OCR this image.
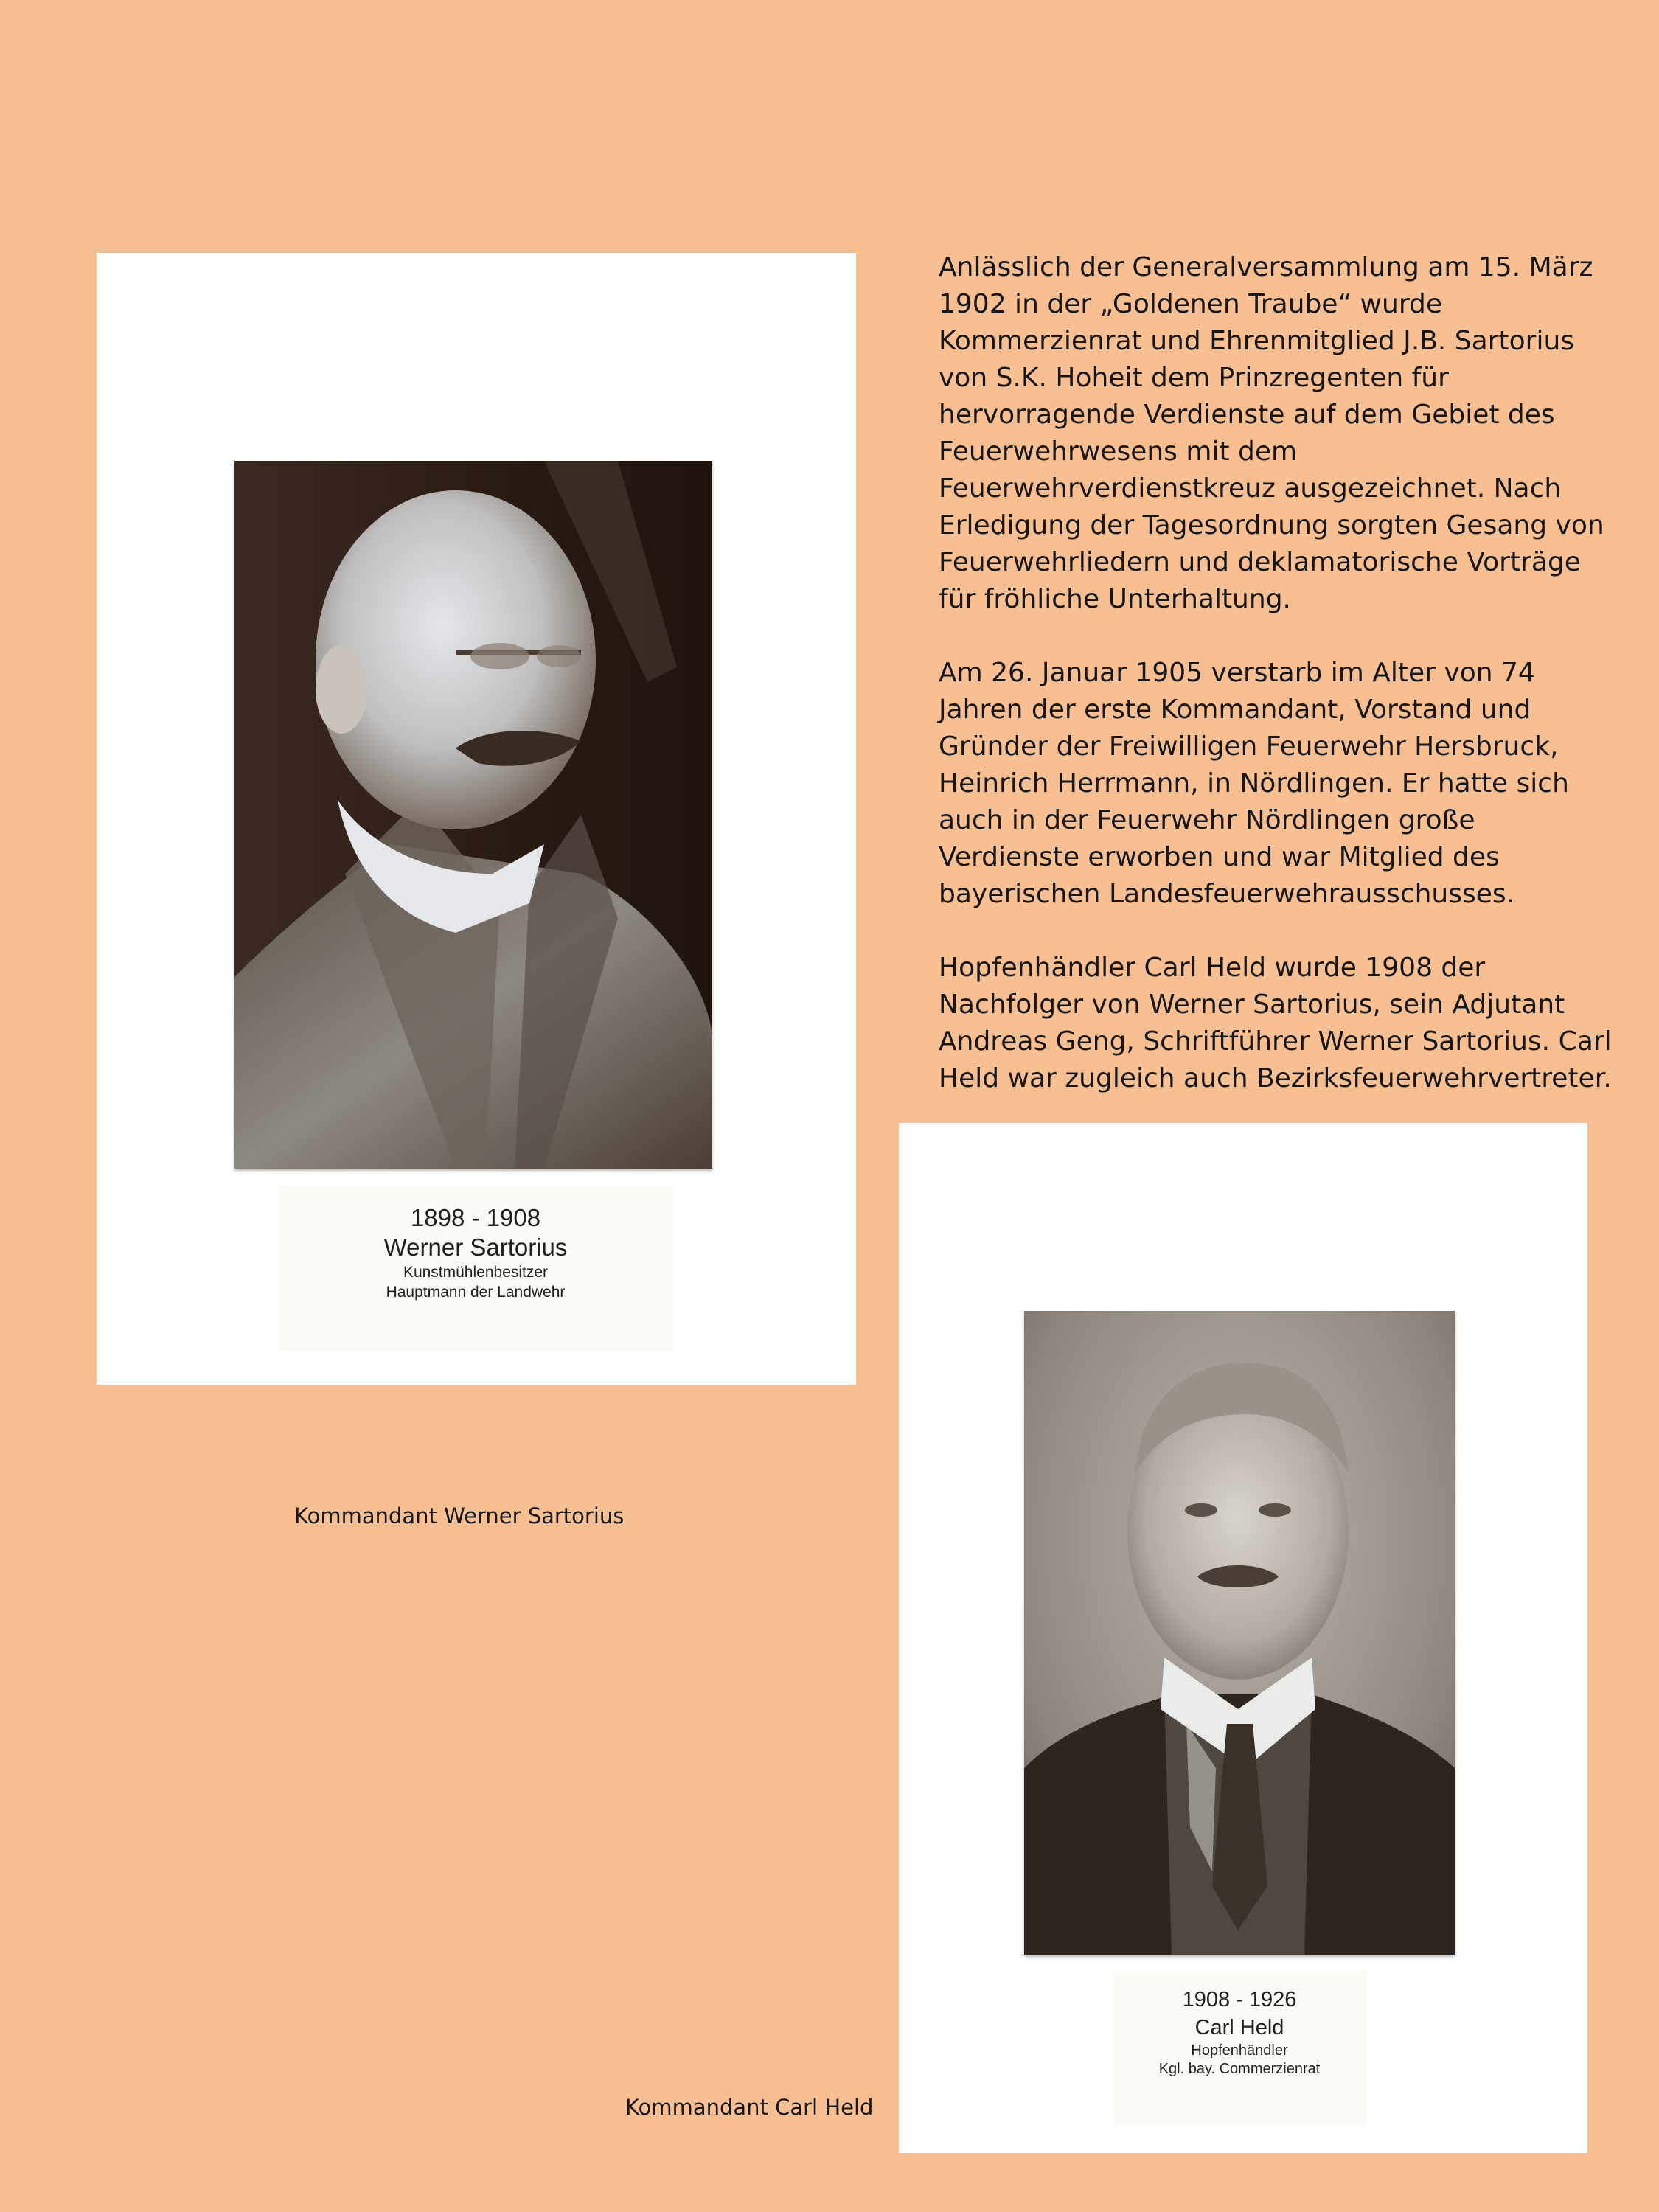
Anlässlich der Generalversammlung am 15. März
1902 in der „Goldenen Traube“ wurde
Kommerzienrat und Ehrenmitglied J.B. Sartorius
von S.K. Hoheit dem Prinzregenten für
hervorragende Verdienste auf dem Gebiet des
Feuerwehrwesens mit dem
Feuerwehrverdienstkreuz ausgezeichnet. Nach
Erledigung der Tagesordnung sorgten Gesang von
Feuerwehrliedern und deklamatorische Vorträge
für fröhliche Unterhaltung.

Am 26. Januar 1905 verstarb im Alter von 74
Jahren der erste Kommandant, Vorstand und
Gründer der Freiwilligen Feuerwehr Hersbruck,
Heinrich Herrmann, in Nördlingen. Er hatte sich
auch in der Feuerwehr Nördlingen große
Verdienste erworben und war Mitglied des
bayerischen Landesfeuerwehrausschusses.

Hopfenhändler Carl Held wurde 1908 der
Nachfolger von Werner Sartorius, sein Adjutant
Andreas Geng, Schriftführer Werner Sartorius. Carl
Held war zugleich auch Bezirksfeuerwehrvertreter.

1898 - 1908
Werner Sartorius
Kunstmühlenbesitzer
Hauptmann der Landwehr
1908 - 1926
Carl Held
Hopfenhändler
Kgl. bay. Commerzienrat
Kommandant Werner Sartorius
Kommandant Carl Held
